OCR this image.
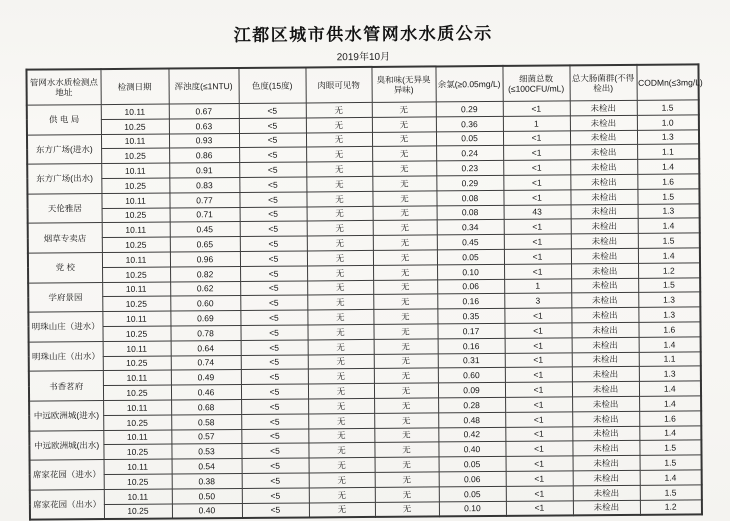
江都区城市供水管网水水质公示
2019年10月
管网水水质检测点地址	检测日期	浑浊度(≤1NTU)	色度(15度)	肉眼可见物	臭和味(无异臭异味)	余氯(≥0.05mg/L)	细菌总数(≤100CFU/mL)	总大肠菌群(不得检出)	CODMn(≤3mg/L)
供 电 局	10.11	0.67	<5	无	无	0.29	<1	未检出	1.5
	10.25	0.63	<5	无	无	0.36	1	未检出	1.0
东方广场(进水)	10.11	0.93	<5	无	无	0.05	<1	未检出	1.3
	10.25	0.86	<5	无	无	0.24	<1	未检出	1.1
东方广场(出水)	10.11	0.91	<5	无	无	0.23	<1	未检出	1.4
	10.25	0.83	<5	无	无	0.29	<1	未检出	1.6
天伦雅居	10.11	0.77	<5	无	无	0.08	<1	未检出	1.5
	10.25	0.71	<5	无	无	0.08	43	未检出	1.3
烟草专卖店	10.11	0.45	<5	无	无	0.34	<1	未检出	1.4
	10.25	0.65	<5	无	无	0.45	<1	未检出	1.5
党 校	10.11	0.96	<5	无	无	0.05	<1	未检出	1.4
	10.25	0.82	<5	无	无	0.10	<1	未检出	1.2
学府景园	10.11	0.62	<5	无	无	0.06	1	未检出	1.5
	10.25	0.60	<5	无	无	0.16	3	未检出	1.3
明珠山庄（进水）	10.11	0.69	<5	无	无	0.35	<1	未检出	1.3
	10.25	0.78	<5	无	无	0.17	<1	未检出	1.6
明珠山庄（出水）	10.11	0.64	<5	无	无	0.16	<1	未检出	1.4
	10.25	0.74	<5	无	无	0.31	<1	未检出	1.1
书香茗府	10.11	0.49	<5	无	无	0.60	<1	未检出	1.3
	10.25	0.46	<5	无	无	0.09	<1	未检出	1.4
中远欧洲城(进水)	10.11	0.68	<5	无	无	0.28	<1	未检出	1.4
	10.25	0.58	<5	无	无	0.48	<1	未检出	1.6
中远欧洲城(出水)	10.11	0.57	<5	无	无	0.42	<1	未检出	1.4
	10.25	0.53	<5	无	无	0.40	<1	未检出	1.5
席家花园（进水）	10.11	0.54	<5	无	无	0.05	<1	未检出	1.5
	10.25	0.38	<5	无	无	0.06	<1	未检出	1.4
席家花园（出水）	10.11	0.50	<5	无	无	0.05	<1	未检出	1.5
	10.25	0.40	<5	无	无	0.10	<1	未检出	1.2
